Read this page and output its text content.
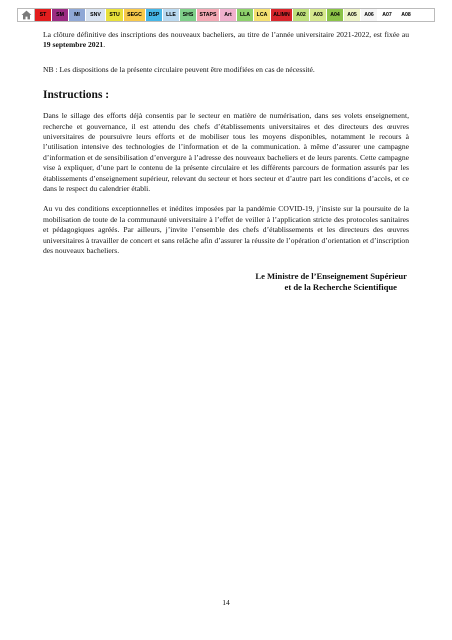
ST	SM	MI	SNV	STU	SEGC	DSP	LLE	SHS	STAPS	Art	LLA	LCA	ALIMN	A02	A03	A04	A05	A06	A07	A08

La clôture définitive des inscriptions des nouveaux bacheliers, au titre de l’année universitaire 2021-2022, est fixée au 19 septembre 2021.

NB : Les dispositions de la présente circulaire peuvent être modifiées en cas de nécessité.

Instructions :

Dans le sillage des efforts déjà consentis par le secteur en matière de numérisation, dans ses volets enseignement, recherche et gouvernance, il est attendu des chefs d’établissements universitaires et des directeurs des œuvres universitaires de poursuivre leurs efforts et de mobiliser tous les moyens disponibles, notamment le recours à l’utilisation intensive des technologies de l’information et de la communication. à même d’assurer une campagne d’information et de sensibilisation d’envergure à l’adresse des nouveaux bacheliers et de leurs parents. Cette campagne vise à expliquer, d’une part le contenu de la présente circulaire et les différents parcours de formation assurés par les établissements d’enseignement supérieur, relevant du secteur et hors secteur et d’autre part les conditions d’accès, et ce dans le respect du calendrier établi.

Au vu des conditions exceptionnelles et inédites imposées par la pandémie COVID-19, j’insiste sur la poursuite de la mobilisation de toute de la communauté universitaire à l’effet de veiller à l’application stricte des protocoles sanitaires et pédagogiques agréés. Par ailleurs, j’invite l’ensemble des chefs d’établissements et les directeurs des œuvres universitaires à travailler de concert et sans relâche afin d’assurer la réussite de l’opération d’orientation et d’inscription des nouveaux bacheliers.

Le Ministre de l’Enseignement Supérieur
et de la Recherche Scientifique
14
